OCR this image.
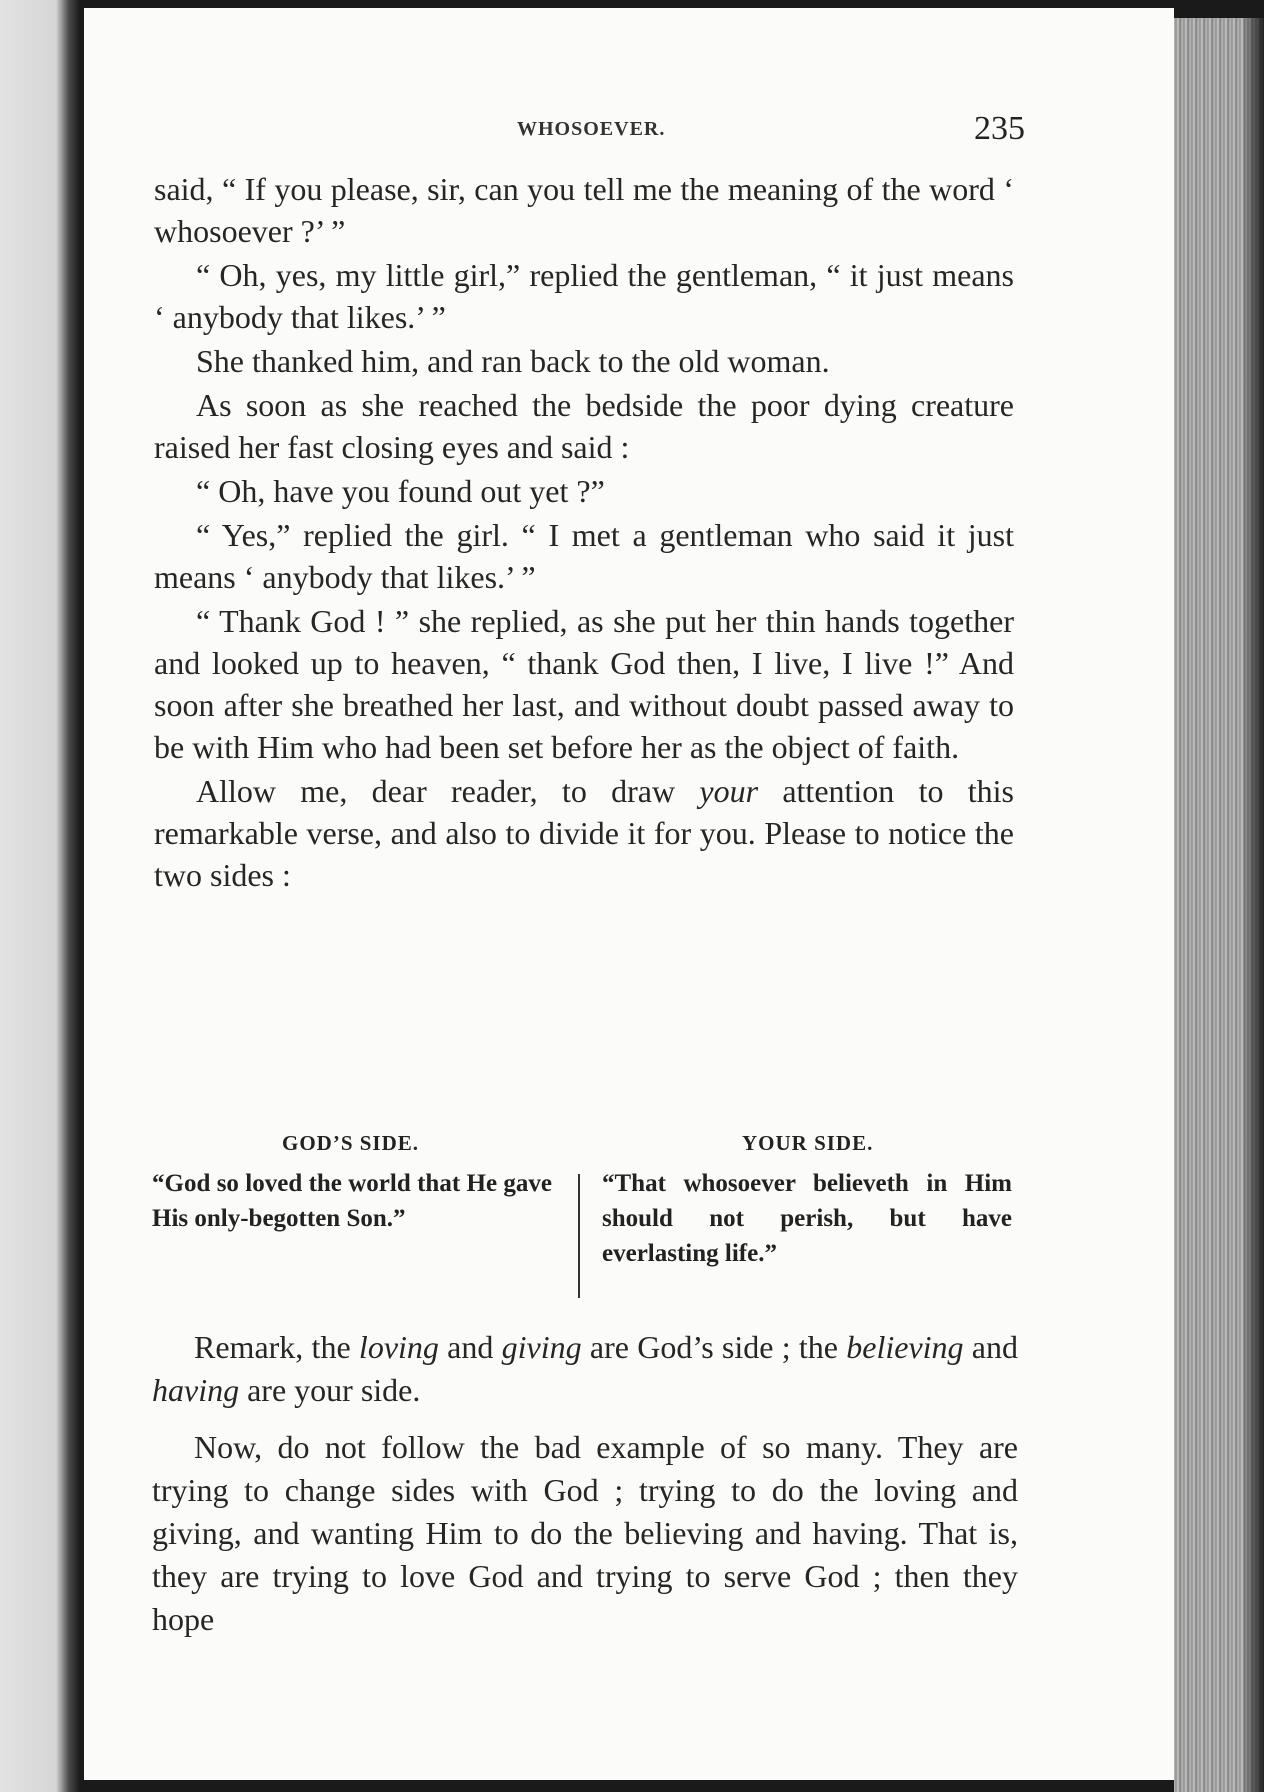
WHOSOEVER.	235

said, “ If you please, sir, can you tell me the meaning of the word ‘ whosoever ?’ ”

“ Oh, yes, my little girl,” replied the gentleman, “ it just means ‘ anybody that likes.’ ”

She thanked him, and ran back to the old woman.

As soon as she reached the bedside the poor dying creature raised her fast closing eyes and said :

“ Oh, have you found out yet ?”

“ Yes,” replied the girl. “ I met a gentleman who said it just means ‘ anybody that likes.’ ”

“ Thank God ! ” she replied, as she put her thin hands together and looked up to heaven, “ thank God then, I live, I live !” And soon after she breathed her last, and without doubt passed away to be with Him who had been set before her as the object of faith.

Allow me, dear reader, to draw your attention to this remarkable verse, and also to divide it for you. Please to notice the two sides :

GOD’S SIDE.	YOUR SIDE.
“God so loved the world that He gave His only-begotten Son.”
“That whosoever believeth in Him should not perish, but have everlasting life.”

Remark, the loving and giving are God’s side ; the believing and having are your side.

Now, do not follow the bad example of so many. They are trying to change sides with God ; trying to do the loving and giving, and wanting Him to do the believing and having. That is, they are trying to love God and trying to serve God ; then they hope
